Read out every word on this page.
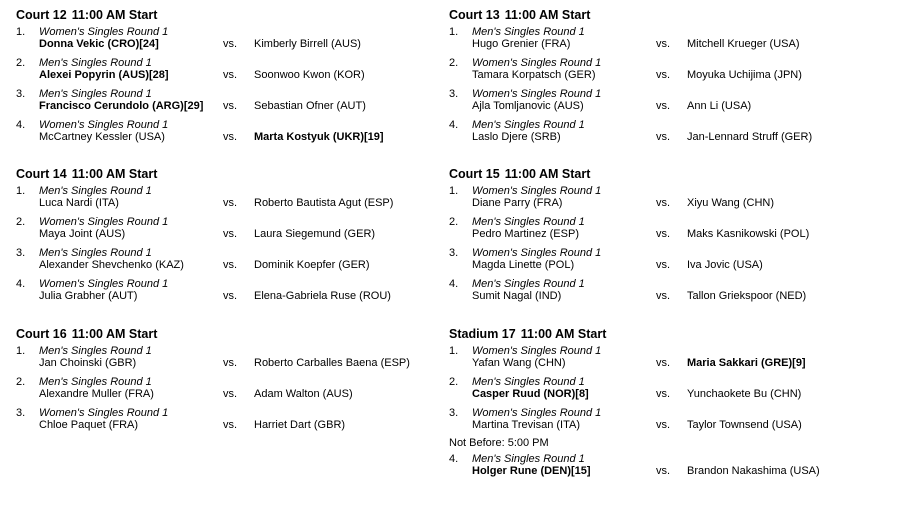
Court 12 11:00 AM Start
1. Women's Singles Round 1
Donna Vekic (CRO)[24]	vs. Kimberly Birrell (AUS)
2. Men's Singles Round 1
Alexei Popyrin (AUS)[28]	vs. Soonwoo Kwon (KOR)
3. Men's Singles Round 1
Francisco Cerundolo (ARG)[29] vs. Sebastian Ofner (AUT)
4. Women's Singles Round 1
McCartney Kessler (USA)	vs. Marta Kostyuk (UKR)[19]
Court 13 11:00 AM Start
1. Men's Singles Round 1
Hugo Grenier (FRA)	vs. Mitchell Krueger (USA)
2. Women's Singles Round 1
Tamara Korpatsch (GER)	vs. Moyuka Uchijima (JPN)
3. Women's Singles Round 1
Ajla Tomljanovic (AUS)	vs. Ann Li (USA)
4. Men's Singles Round 1
Laslo Djere (SRB)	vs. Jan-Lennard Struff (GER)
Court 14 11:00 AM Start
1. Men's Singles Round 1
Luca Nardi (ITA)	vs. Roberto Bautista Agut (ESP)
2. Women's Singles Round 1
Maya Joint (AUS)	vs. Laura Siegemund (GER)
3. Men's Singles Round 1
Alexander Shevchenko (KAZ)	vs. Dominik Koepfer (GER)
4. Women's Singles Round 1
Julia Grabher (AUT)	vs. Elena-Gabriela Ruse (ROU)
Court 15 11:00 AM Start
1. Women's Singles Round 1
Diane Parry (FRA)	vs. Xiyu Wang (CHN)
2. Men's Singles Round 1
Pedro Martinez (ESP)	vs. Maks Kasnikowski (POL)
3. Women's Singles Round 1
Magda Linette (POL)	vs. Iva Jovic (USA)
4. Men's Singles Round 1
Sumit Nagal (IND)	vs. Tallon Griekspoor (NED)
Court 16 11:00 AM Start
1. Men's Singles Round 1
Jan Choinski (GBR)	vs. Roberto Carballes Baena (ESP)
2. Men's Singles Round 1
Alexandre Muller (FRA)	vs. Adam Walton (AUS)
3. Women's Singles Round 1
Chloe Paquet (FRA)	vs. Harriet Dart (GBR)
Stadium 17 11:00 AM Start
1. Women's Singles Round 1
Yafan Wang (CHN)	vs. Maria Sakkari (GRE)[9]
2. Men's Singles Round 1
Casper Ruud (NOR)[8]	vs. Yunchaokete Bu (CHN)
3. Women's Singles Round 1
Martina Trevisan (ITA)	vs. Taylor Townsend (USA)
Not Before: 5:00 PM
4. Men's Singles Round 1
Holger Rune (DEN)[15]	vs. Brandon Nakashima (USA)
